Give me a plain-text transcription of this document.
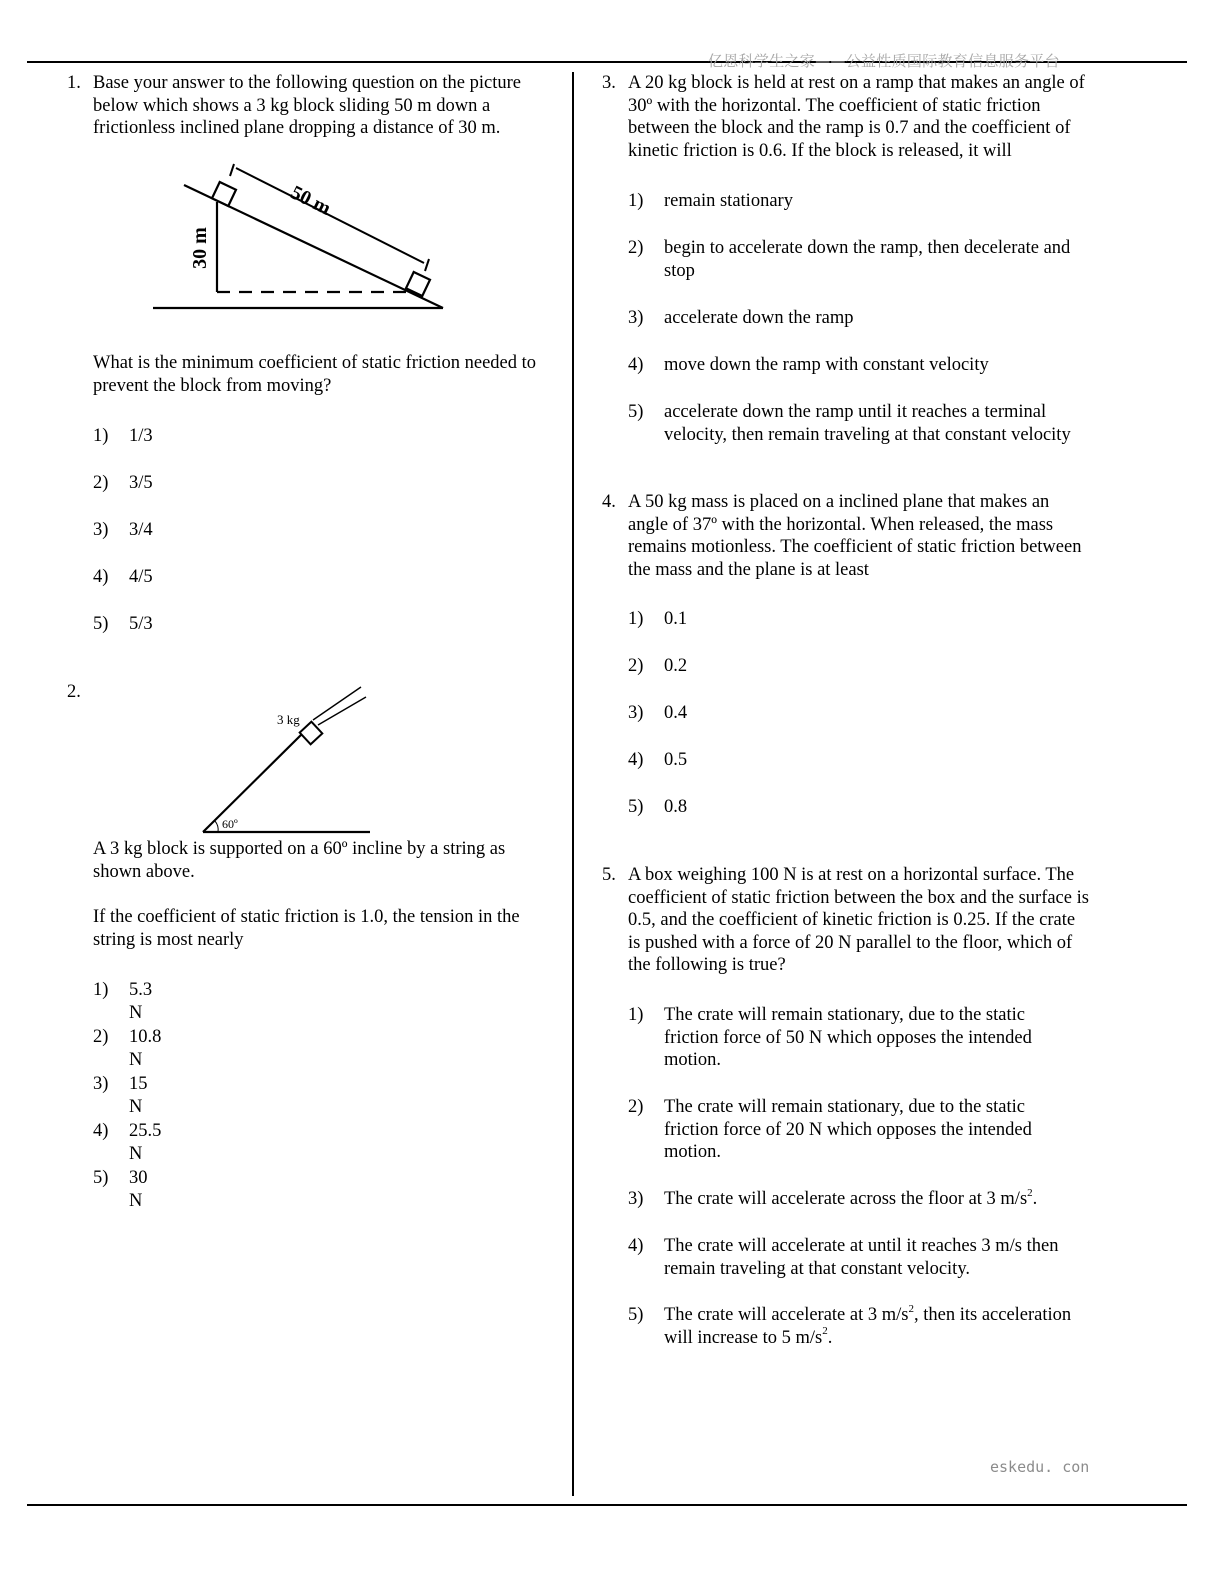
亿恩科学生之家——公益性质国际教育信息服务平台
1. Base your answer to the following question on the picture below which shows a 3 kg block sliding 50 m down a frictionless inclined plane dropping a distance of 30 m.

50 m
30 m
What is the minimum coefficient of static friction needed to prevent the block from moving?
1) 1/3
2) 3/5
3) 3/4
4) 4/5
5) 5/3
2.
3 kg
60º
A 3 kg block is supported on a 60º incline by a string as shown above.
If the coefficient of static friction is 1.0, the tension in the string is most nearly
1) 5.3 N
2) 10.8 N
3) 15 N
4) 25.5 N
5) 30 N
3. A 20 kg block is held at rest on a ramp that makes an angle of 30º with the horizontal. The coefficient of static friction between the block and the ramp is 0.7 and the coefficient of kinetic friction is 0.6. If the block is released, it will
1) remain stationary
2) begin to accelerate down the ramp, then decelerate and stop
3) accelerate down the ramp
4) move down the ramp with constant velocity
5) accelerate down the ramp until it reaches a terminal velocity, then remain traveling at that constant velocity
4. A 50 kg mass is placed on a inclined plane that makes an angle of 37º with the horizontal. When released, the mass remains motionless. The coefficient of static friction between the mass and the plane is at least
1) 0.1
2) 0.2
3) 0.4
4) 0.5
5) 0.8
5. A box weighing 100 N is at rest on a horizontal surface. The coefficient of static friction between the box and the surface is 0.5, and the coefficient of kinetic friction is 0.25. If the crate is pushed with a force of 20 N parallel to the floor, which of the following is true?
1) The crate will remain stationary, due to the static friction force of 50 N which opposes the intended motion.
2) The crate will remain stationary, due to the static friction force of 20 N which opposes the intended motion.
3) The crate will accelerate across the floor at 3 $m/s^2$.
4) The crate will accelerate at until it reaches 3 m/s then remain traveling at that constant velocity.
5) The crate will accelerate at 3 $m/s^2$, then its acceleration will increase to 5 $m/s^2$.
eskedu. con
